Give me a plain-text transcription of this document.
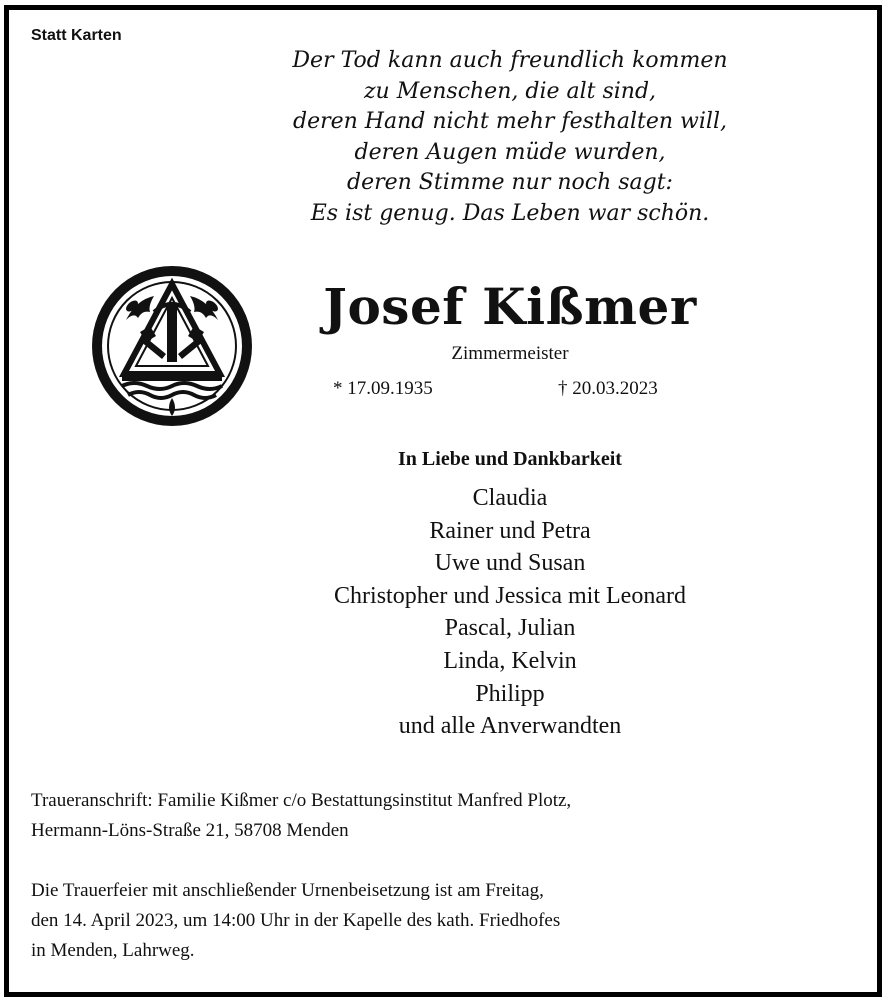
Statt Karten
Der Tod kann auch freundlich kommen
zu Menschen, die alt sind,
deren Hand nicht mehr festhalten will,
deren Augen müde wurden,
deren Stimme nur noch sagt:
Es ist genug. Das Leben war schön.
Josef Kißmer
Zimmermeister
* 17.09.1935	† 20.03.2023
In Liebe und Dankbarkeit
Claudia
Rainer und Petra
Uwe und Susan
Christopher und Jessica mit Leonard
Pascal, Julian
Linda, Kelvin
Philipp
und alle Anverwandten
Traueranschrift: Familie Kißmer c/o Bestattungsinstitut Manfred Plotz,
Hermann-Löns-Straße 21, 58708 Menden
Die Trauerfeier mit anschließender Urnenbeisetzung ist am Freitag,
den 14. April 2023, um 14:00 Uhr in der Kapelle des kath. Friedhofes
in Menden, Lahrweg.
